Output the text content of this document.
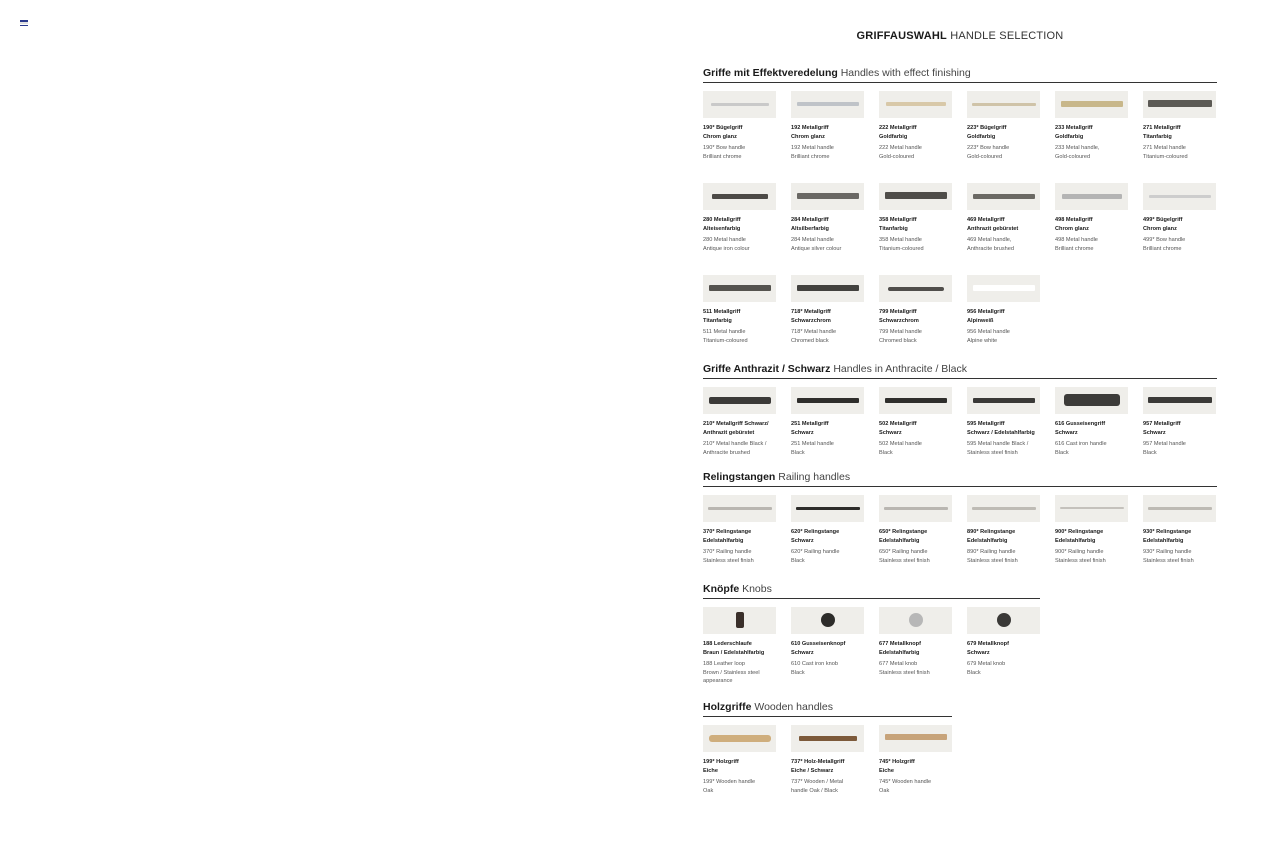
GRIFFAUSWAHL HANDLE SELECTION
Griffe mit Effektveredelung Handles with effect finishing
190* Bügelgriff
Chrom glanz
190* Bow handle
Brilliant chrome
192 Metallgriff
Chrom glanz
192 Metal handle
Brilliant chrome
222 Metallgriff
Goldfarbig
222 Metal handle
Gold-coloured
223* Bügelgriff
Goldfarbig
223* Bow handle
Gold-coloured
233 Metallgriff
Goldfarbig
233 Metal handle,
Gold-coloured
271 Metallgriff
Titanfarbig
271 Metal handle
Titanium-coloured
280 Metallgriff
Alteisenfarbig
280 Metal handle
Antique iron colour
284 Metallgriff
Altsilberfarbig
284 Metal handle
Antique silver colour
358 Metallgriff
Titanfarbig
358 Metal handle
Titanium-coloured
469 Metallgriff
Anthrazit gebürstet
469 Metal handle,
Anthracite brushed
498 Metallgriff
Chrom glanz
498 Metal handle
Brilliant chrome
499* Bügelgriff
Chrom glanz
499* Bow handle
Brilliant chrome
511 Metallgriff
Titanfarbig
511 Metal handle
Titanium-coloured
718* Metallgriff
Schwarzchrom
718* Metal handle
Chromed black
799 Metallgriff
Schwarzchrom
799 Metal handle
Chromed black
956 Metallgriff
Alpinweiß
956 Metal handle
Alpine white
Griffe Anthrazit / Schwarz Handles in Anthracite / Black
210* Metallgriff Schwarz/
Anthrazit gebürstet
210* Metal handle Black /
Anthracite brushed
251 Metallgriff
Schwarz
251 Metal handle
Black
502 Metallgriff
Schwarz
502 Metal handle
Black
595 Metallgriff
Schwarz / Edelstahlfarbig
595 Metal handle Black /
Stainless steel finish
616 Gusseisengriff
Schwarz
616 Cast iron handle
Black
957 Metallgriff
Schwarz
957 Metal handle
Black
Relingstangen Railing handles
370* Relingstange
Edelstahlfarbig
370* Railing handle
Stainless steel finish
620* Relingstange
Schwarz
620* Railing handle
Black
650* Relingstange
Edelstahlfarbig
650* Railing handle
Stainless steel finish
890* Relingstange
Edelstahlfarbig
890* Railing handle
Stainless steel finish
900* Relingstange
Edelstahlfarbig
900* Railing handle
Stainless steel finish
930* Relingstange
Edelstahlfarbig
930* Railing handle
Stainless steel finish
Knöpfe Knobs
188 Lederschlaufe
Braun / Edelstahlfarbig
188 Leather loop
Brown / Stainless steel appearance
610 Gusseisenknopf
Schwarz
610 Cast iron knob
Black
677 Metallknopf
Edelstahlfarbig
677 Metal knob
Stainless steel finish
679 Metallknopf
Schwarz
679 Metal knob
Black
Holzgriffe Wooden handles
199* Holzgriff
Eiche
199* Wooden handle
Oak
737* Holz-Metallgriff
Eiche / Schwarz
737* Wooden / Metal
handle Oak / Black
745* Holzgriff
Eiche
745* Wooden handle
Oak
